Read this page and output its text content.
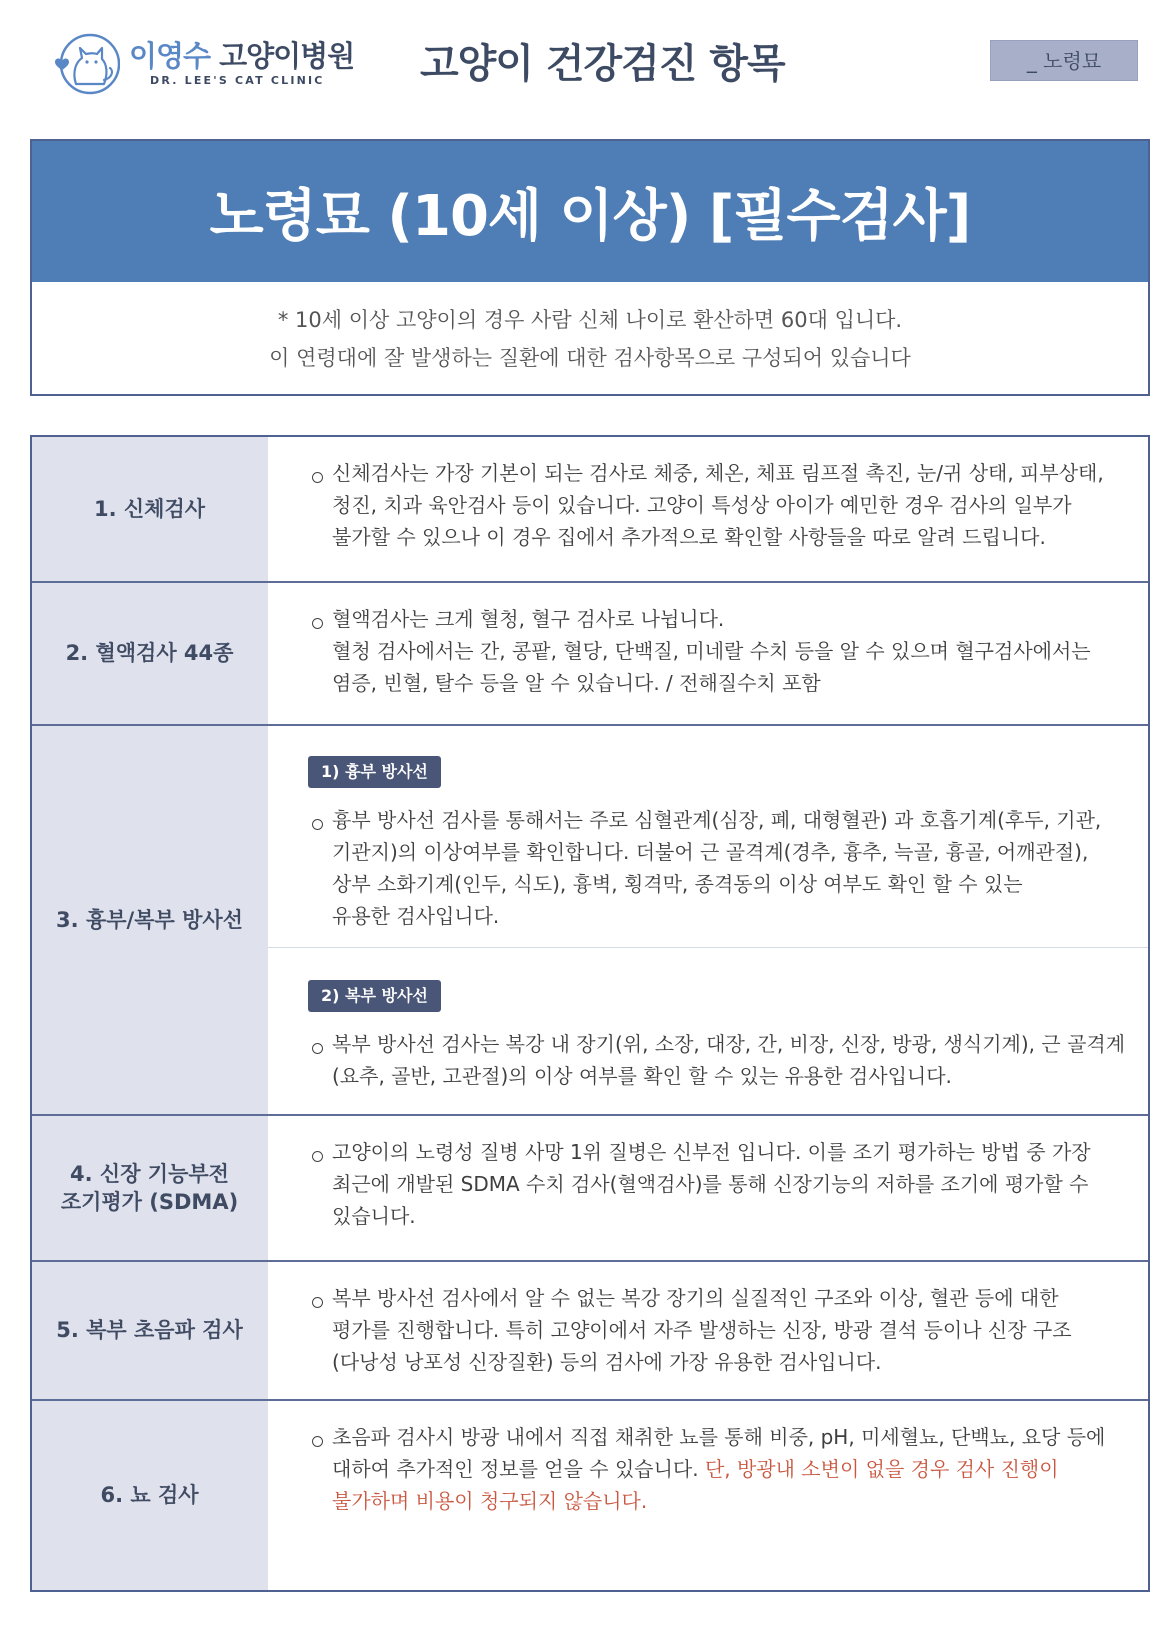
이영수 고양이병원
DR. LEE'S CAT CLINIC 고양이 건강검진 항목	_ 노령묘
노령묘 (10세 이상) [필수검사]
* 10세 이상 고양이의 경우 사람 신체 나이로 환산하면 60대 입니다.
이 연령대에 잘 발생하는 질환에 대한 검사항목으로 구성되어 있습니다
1. 신체검사
신체검사는 가장 기본이 되는 검사로 체중, 체온, 체표 림프절 촉진, 눈/귀 상태, 피부상태,
청진, 치과 육안검사 등이 있습니다. 고양이 특성상 아이가 예민한 경우 검사의 일부가
불가할 수 있으나 이 경우 집에서 추가적으로 확인할 사항들을 따로 알려 드립니다.
2. 혈액검사 44종
혈액검사는 크게 혈청, 혈구 검사로 나뉩니다.
혈청 검사에서는 간, 콩팥, 혈당, 단백질, 미네랄 수치 등을 알 수 있으며 혈구검사에서는
염증, 빈혈, 탈수 등을 알 수 있습니다. / 전해질수치 포함
3. 흉부/복부 방사선
1) 흉부 방사선
흉부 방사선 검사를 통해서는 주로 심혈관계(심장, 폐, 대형혈관) 과 호흡기계(후두, 기관,
기관지)의 이상여부를 확인합니다. 더불어 근 골격계(경추, 흉추, 늑골, 흉골, 어깨관절),
상부 소화기계(인두, 식도), 흉벽, 횡격막, 종격동의 이상 여부도 확인 할 수 있는
유용한 검사입니다.
2) 복부 방사선
복부 방사선 검사는 복강 내 장기(위, 소장, 대장, 간, 비장, 신장, 방광, 생식기계), 근 골격계
(요추, 골반, 고관절)의 이상 여부를 확인 할 수 있는 유용한 검사입니다.
4. 신장 기능부전
조기평가 (SDMA)
고양이의 노령성 질병 사망 1위 질병은 신부전 입니다. 이를 조기 평가하는 방법 중 가장
최근에 개발된 SDMA 수치 검사(혈액검사)를 통해 신장기능의 저하를 조기에 평가할 수
있습니다.
5. 복부 초음파 검사
복부 방사선 검사에서 알 수 없는 복강 장기의 실질적인 구조와 이상, 혈관 등에 대한
평가를 진행합니다. 특히 고양이에서 자주 발생하는 신장, 방광 결석 등이나 신장 구조
(다낭성 낭포성 신장질환) 등의 검사에 가장 유용한 검사입니다.
6. 뇨 검사
초음파 검사시 방광 내에서 직접 채취한 뇨를 통해 비중, pH, 미세혈뇨, 단백뇨, 요당 등에
대하여 추가적인 정보를 얻을 수 있습니다. 단, 방광내 소변이 없을 경우 검사 진행이
불가하며 비용이 청구되지 않습니다.
